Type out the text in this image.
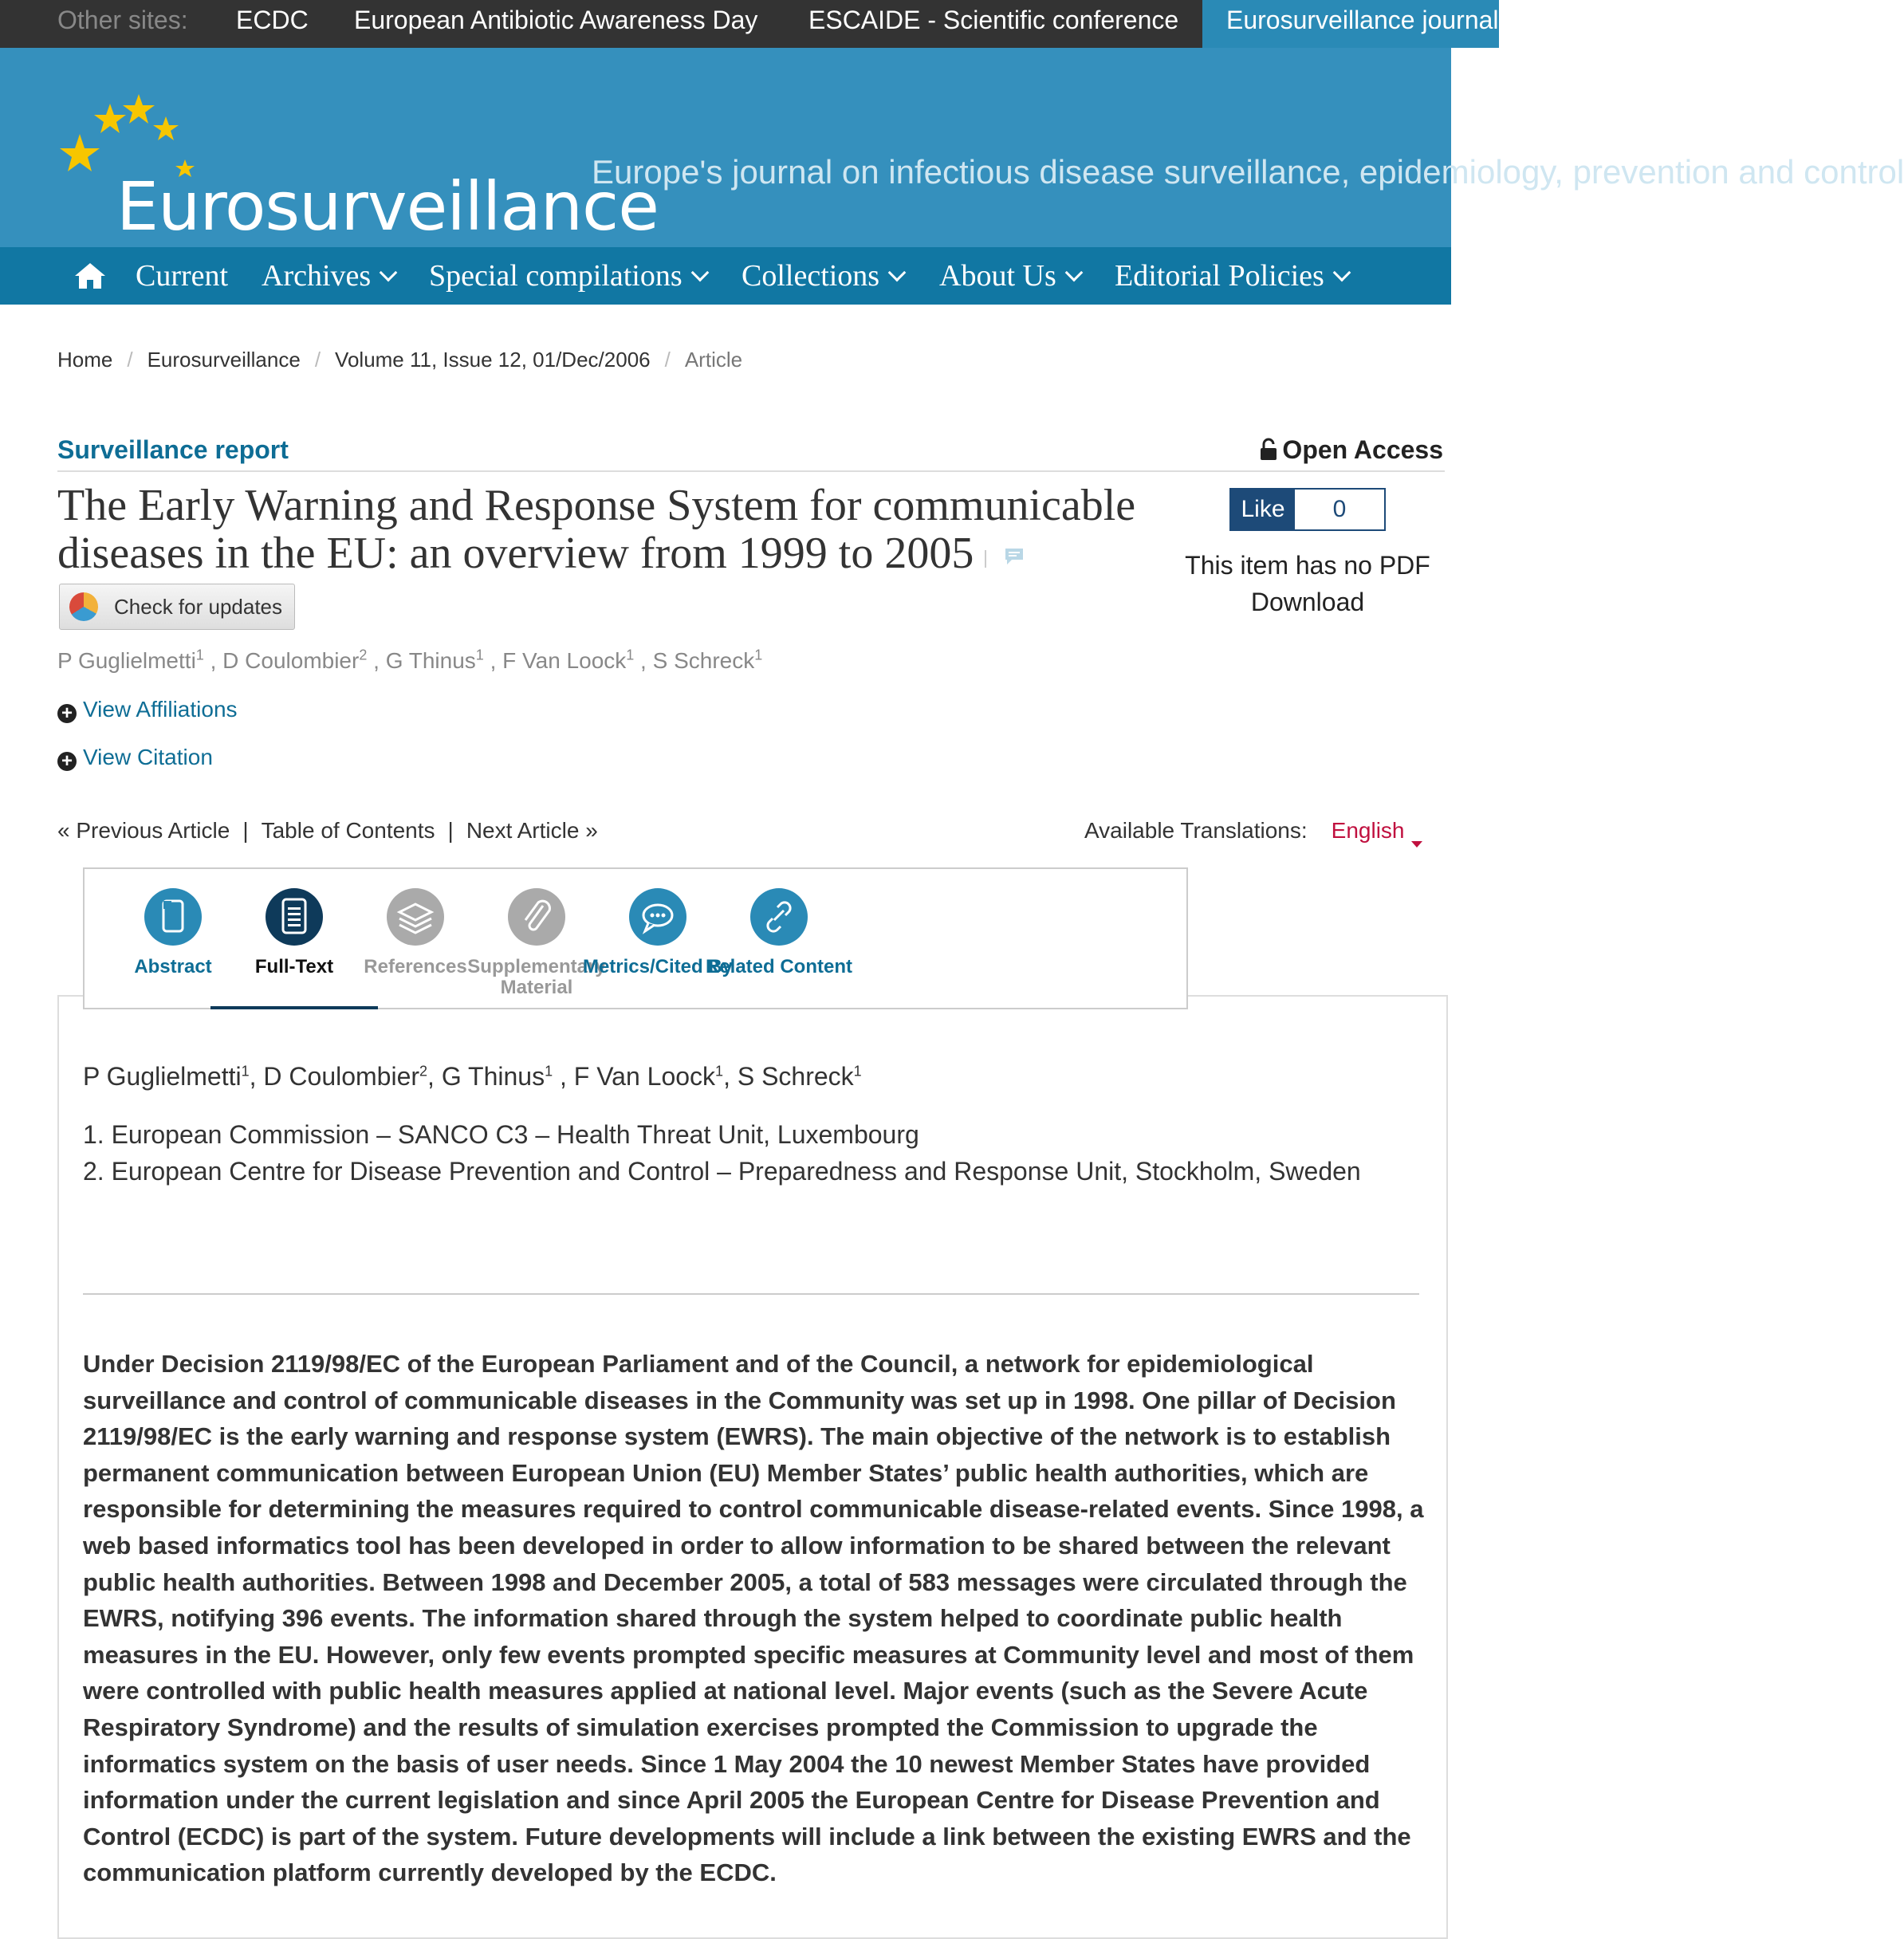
Other sites: ECDC European Antibiotic Awareness Day ESCAIDE - Scientific conference	Eurosurveillance journal
Eurosurveillance
Europe's journal on infectious disease surveillance, epidemiology, prevention and control
Current Archives	Special compilations	Collections	About Us	Editorial Policies
Home / Eurosurveillance / Volume 11, Issue 12, 01/Dec/2006 / Article
Surveillance report	Open Access
The Early Warning and Response System for communicable diseases in the EU: an overview from 1999 to 2005
Like	0
This item has no PDF Download
Check for updates
P Guglielmetti$^1$ , D Coulombier$^2$ , G Thinus$^1$ , F Van Loock$^1$ , S Schreck$^1$
+ View Affiliations
+ View Citation
« Previous Article | Table of Contents | Next Article »	Available Translations: English
Abstract	Full-Text	References Supplementary Material
Metrics/Cited By
Related Content
P Guglielmetti$^1$, D Coulombier$^2$, G Thinus$^1$ , F Van Loock$^1$, S Schreck$^1$
1. European Commission – SANCO C3 – Health Threat Unit, Luxembourg
2. European Centre for Disease Prevention and Control – Preparedness and Response Unit, Stockholm, Sweden
Under Decision 2119/98/EC of the European Parliament and of the Council, a network for epidemiological surveillance and control of communicable diseases in the Community was set up in 1998. One pillar of Decision 2119/98/EC is the early warning and response system (EWRS). The main objective of the network is to establish permanent communication between European Union (EU) Member States’ public health authorities, which are responsible for determining the measures required to control communicable disease-related events. Since 1998, a web based informatics tool has been developed in order to allow information to be shared between the relevant public health authorities. Between 1998 and December 2005, a total of 583 messages were circulated through the EWRS, notifying 396 events. The information shared through the system helped to coordinate public health measures in the EU. However, only few events prompted specific measures at Community level and most of them were controlled with public health measures applied at national level. Major events (such as the Severe Acute Respiratory Syndrome) and the results of simulation exercises prompted the Commission to upgrade the informatics system on the basis of user needs. Since 1 May 2004 the 10 newest Member States have provided information under the current legislation and since April 2005 the European Centre for Disease Prevention and Control (ECDC) is part of the system. Future developments will include a link between the existing EWRS and the communication platform currently developed by the ECDC.
